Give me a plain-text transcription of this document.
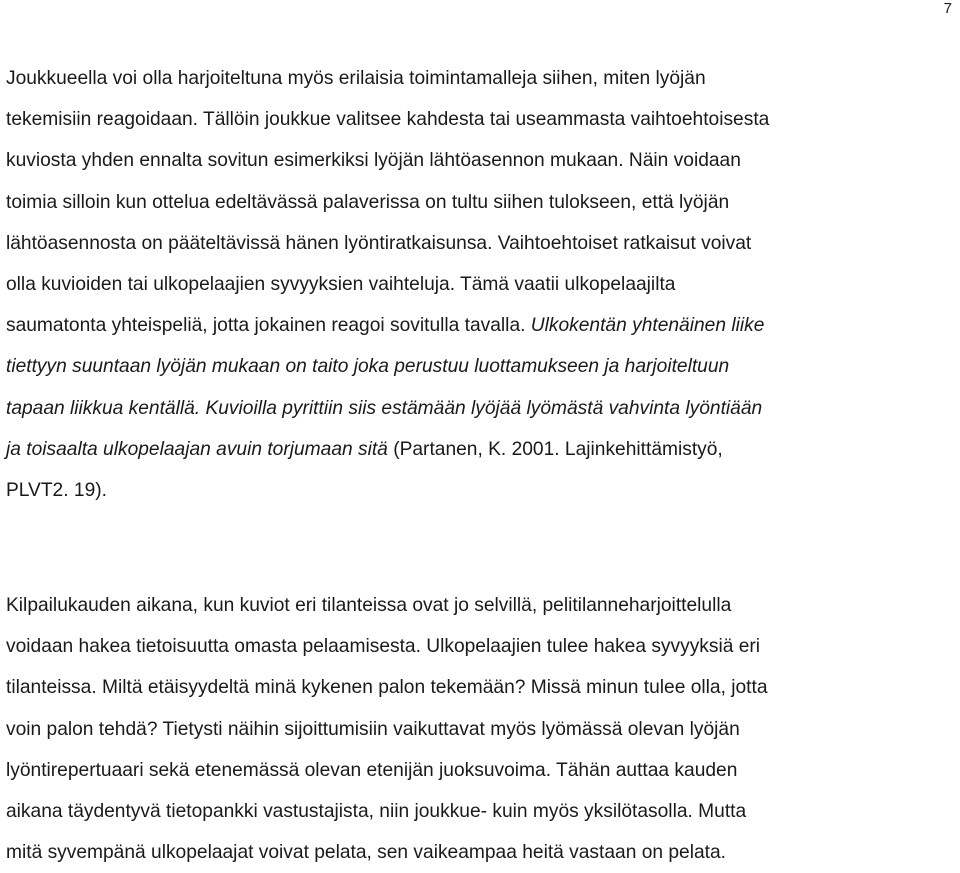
7
Joukkueella voi olla harjoiteltuna myös erilaisia toimintamalleja siihen, miten lyöjän
tekemisiin reagoidaan. Tällöin joukkue valitsee kahdesta tai useammasta vaihtoehtoisesta
kuviosta yhden ennalta sovitun esimerkiksi lyöjän lähtöasennon mukaan. Näin voidaan
toimia silloin kun ottelua edeltävässä palaverissa on tultu siihen tulokseen, että lyöjän
lähtöasennosta on pääteltävissä hänen lyöntiratkaisunsa. Vaihtoehtoiset ratkaisut voivat
olla kuvioiden tai ulkopelaajien syvyyksien vaihteluja. Tämä vaatii ulkopelaajilta
saumatonta yhteispeliä, jotta jokainen reagoi sovitulla tavalla. Ulkokentän yhtenäinen liike
tiettyyn suuntaan lyöjän mukaan on taito joka perustuu luottamukseen ja harjoiteltuun
tapaan liikkua kentällä. Kuvioilla pyrittiin siis estämään lyöjää lyömästä vahvinta lyöntiään
ja toisaalta ulkopelaajan avuin torjumaan sitä (Partanen, K. 2001. Lajinkehittämistyö,
PLVT2. 19).
Kilpailukauden aikana, kun kuviot eri tilanteissa ovat jo selvillä, pelitilanneharjoittelulla
voidaan hakea tietoisuutta omasta pelaamisesta. Ulkopelaajien tulee hakea syvyyksiä eri
tilanteissa. Miltä etäisyydeltä minä kykenen palon tekemään? Missä minun tulee olla, jotta
voin palon tehdä? Tietysti näihin sijoittumisiin vaikuttavat myös lyömässä olevan lyöjän
lyöntirepertuaari sekä etenemässä olevan etenijän juoksuvoima. Tähän auttaa kauden
aikana täydentyvä tietopankki vastustajista, niin joukkue- kuin myös yksilötasolla. Mutta
mitä syvempänä ulkopelaajat voivat pelata, sen vaikeampaa heitä vastaan on pelata.
